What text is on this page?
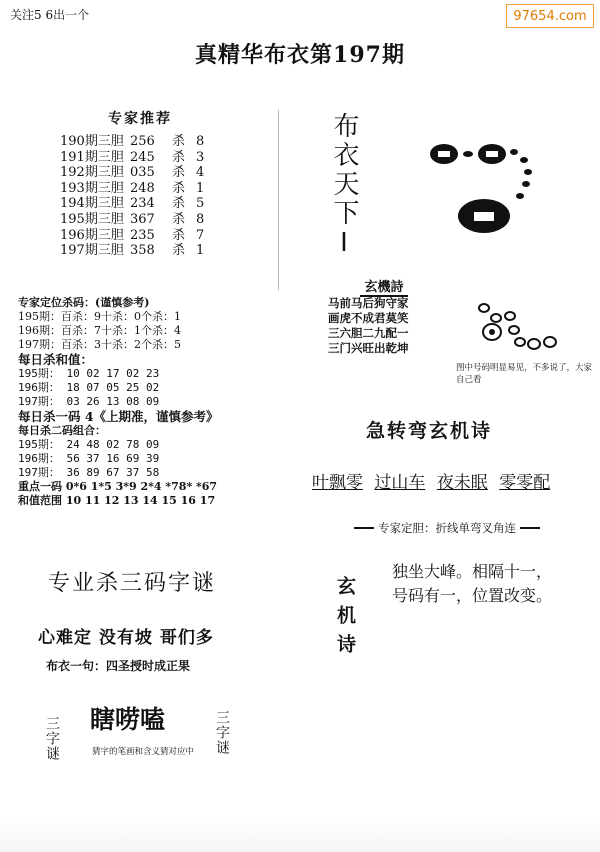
关注5 6出一个	97654.com
真精华布衣第197期
专家推荐
190期三胆 256	杀 8
191期三胆 245	杀 3
192期三胆 035	杀 4
193期三胆 248	杀 1
194期三胆 234	杀 5
195期三胆 367	杀 8
196期三胆 235	杀 7
197期三胆 358	杀 1
专家定位杀码：(谨慎参考)
195期：百杀：9十杀：0个杀：1
196期：百杀：7十杀：1个杀：4
197期：百杀：3十杀：2个杀：5
每日杀和值：
195期： 10 02 17 02 23
196期： 18 07 05 25 02
197期： 03 26 13 08 09
每日杀一码 4《上期准，谨慎参考》
每日杀二码组合：
195期： 24 48 02 78 09
196期： 56 37 16 69 39
197期： 36 89 67 37 58
重点一码 0*6 1*5 3*9 2*4 *78* *67
和值范围 10 11 12 13 14 15 16 17
专业杀三码字谜
心难定 没有坡 哥们多
布衣一句：四圣授时成正果
瞎唠嗑
猜字的笔画和含义猜对应中
三字谜	三字谜
布衣天下Ⅰ
玄機詩
马前马后狗守家
画虎不成君莫笑
三六胆二九配一
三门兴旺出乾坤
图中号码明显易见，不多说了，大家自己看
急转弯玄机诗
叶飘零 过山车 夜未眠 零零配
专家定胆：折线单弯叉角连
玄机诗
独坐大峰。相隔十一，
号码有一，位置改变。
